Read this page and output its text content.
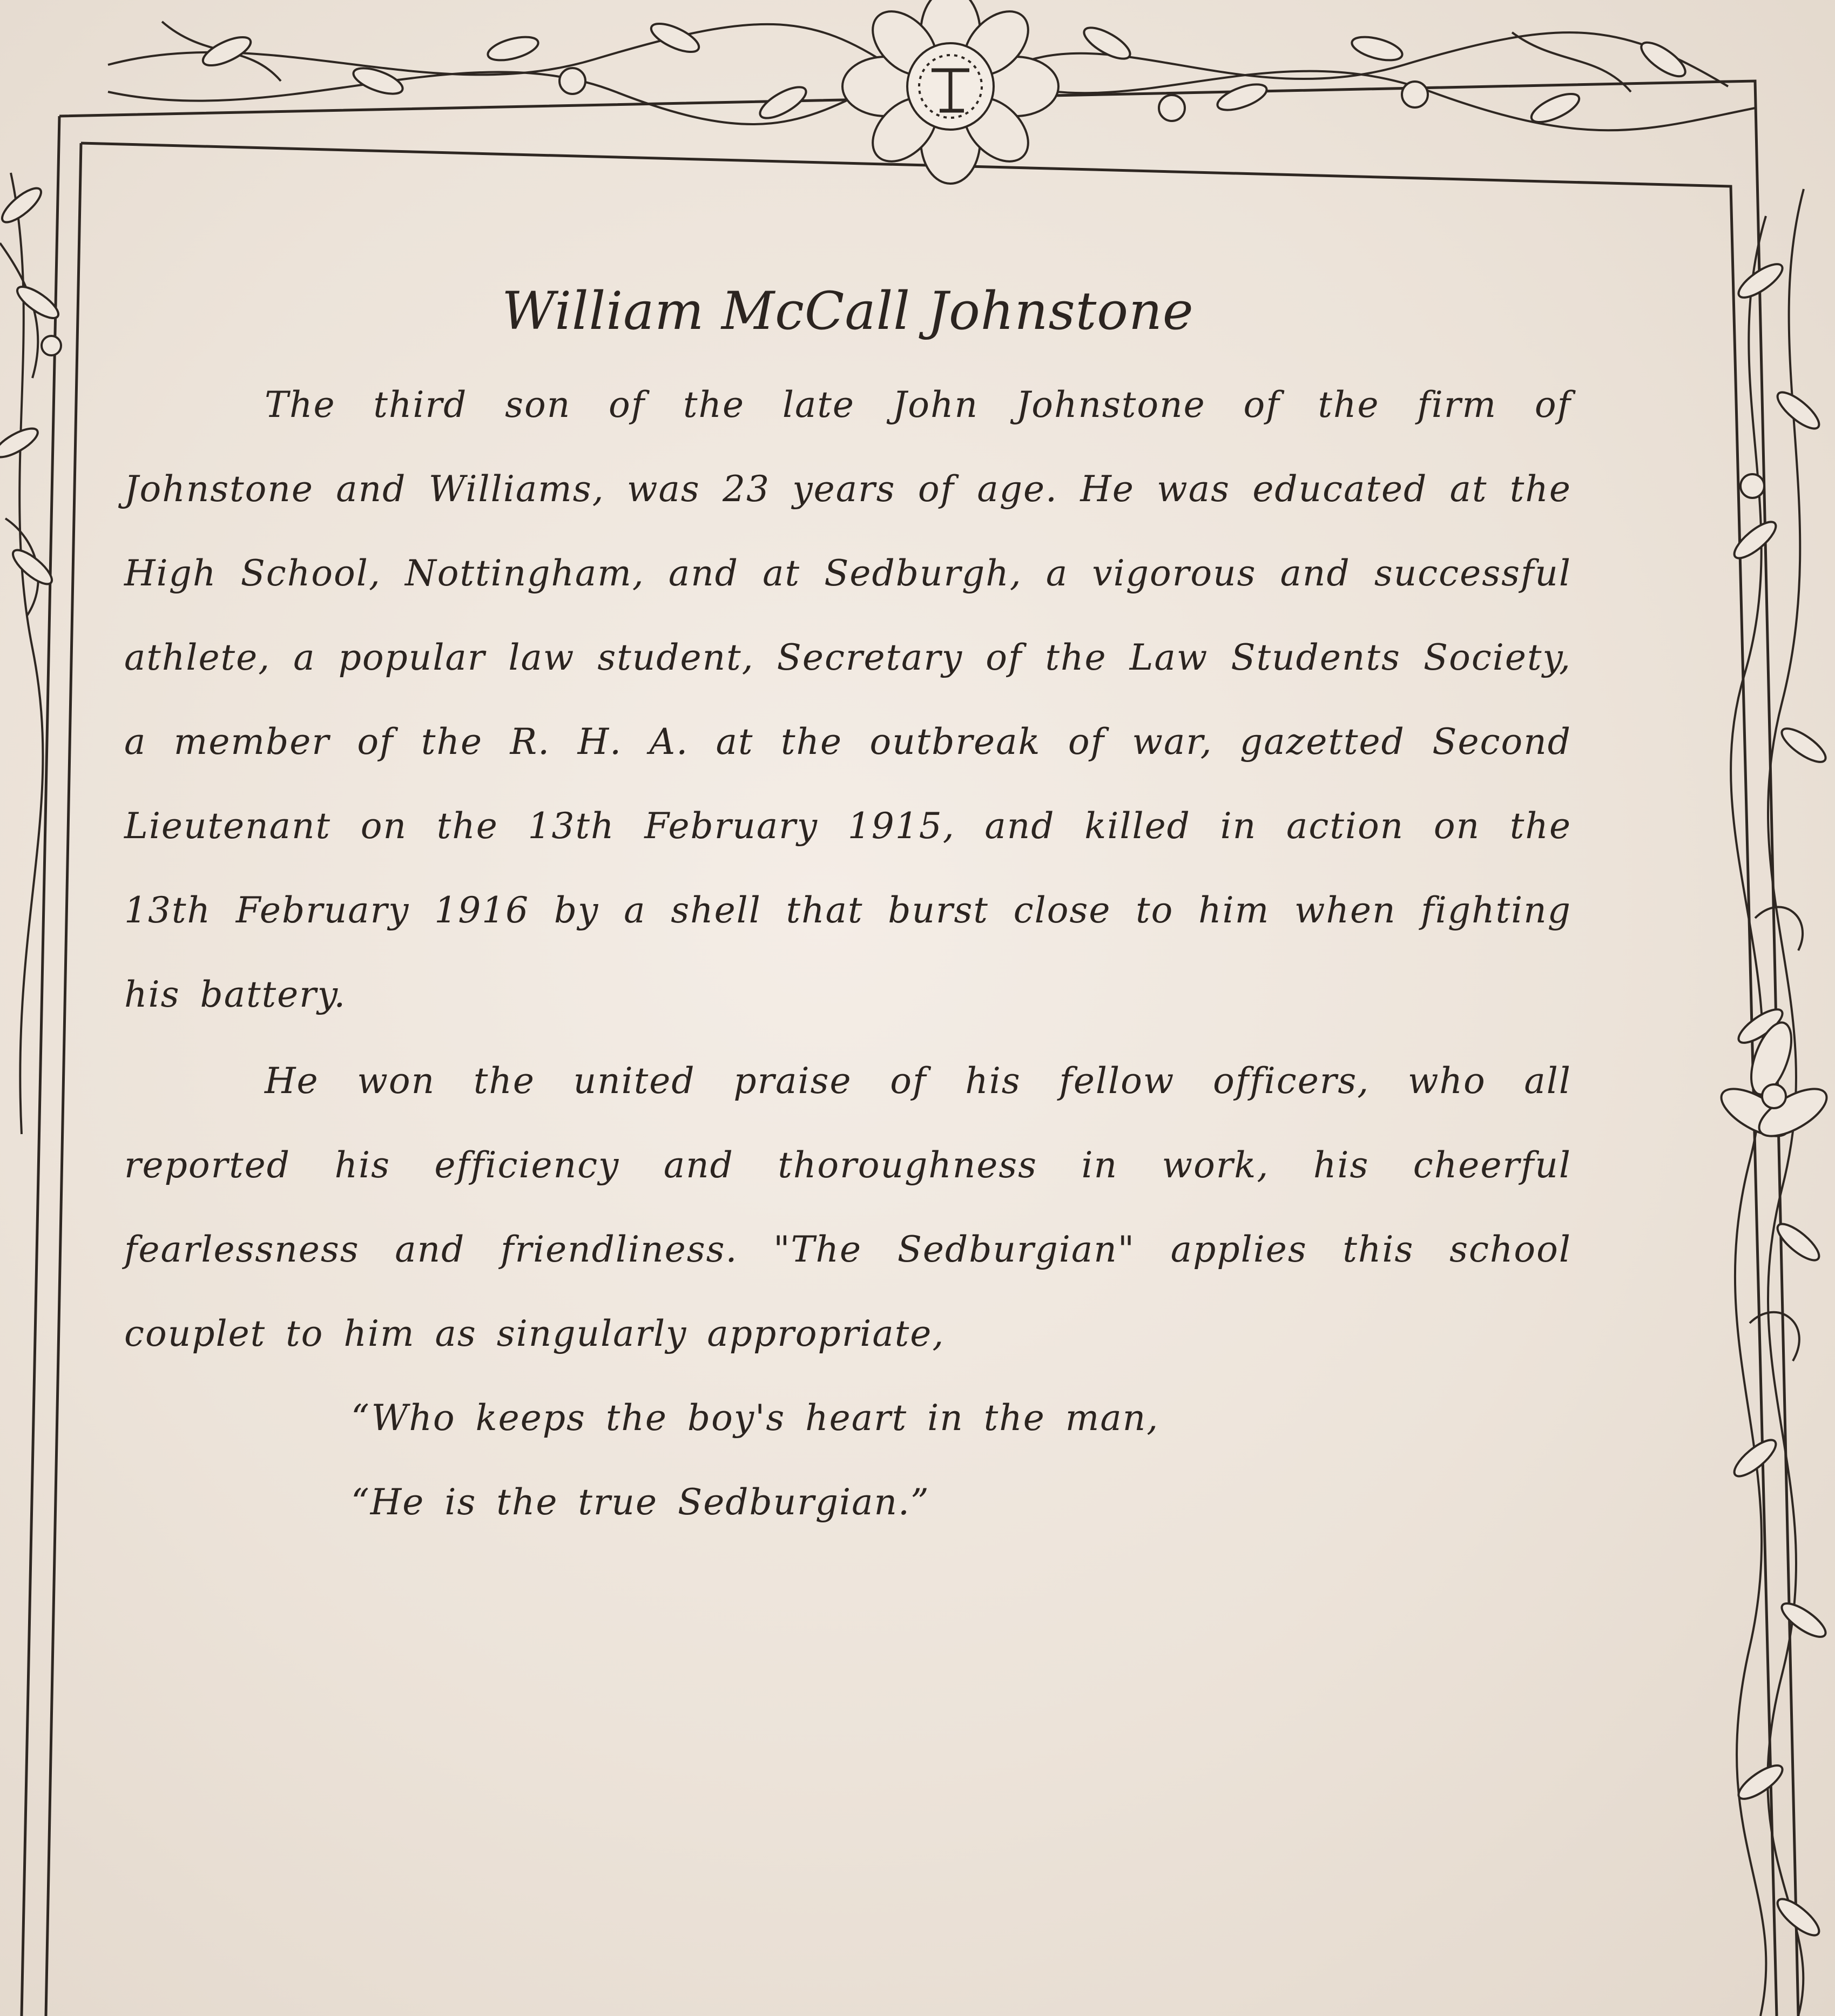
William McCall Johnstone

The third son of the late John Johnstone of the firm of Johnstone and Williams, was 23 years of age. He was educated at the High School, Nottingham, and at Sedburgh, a vigorous and successful athlete, a popular law student, Secretary of the Law Students Society, a member of the R. H. A. at the outbreak of war, gazetted Second Lieutenant on the 13th February 1915, and killed in action on the 13th February 1916 by a shell that burst close to him when fighting his battery.

He won the united praise of his fellow officers, who all reported his efficiency and thoroughness in work, his cheerful fearlessness and friendliness. "The Sedburgian" applies this school couplet to him as singularly appropriate,

“Who keeps the boy's heart in the man,
“He is the true Sedburgian.”
